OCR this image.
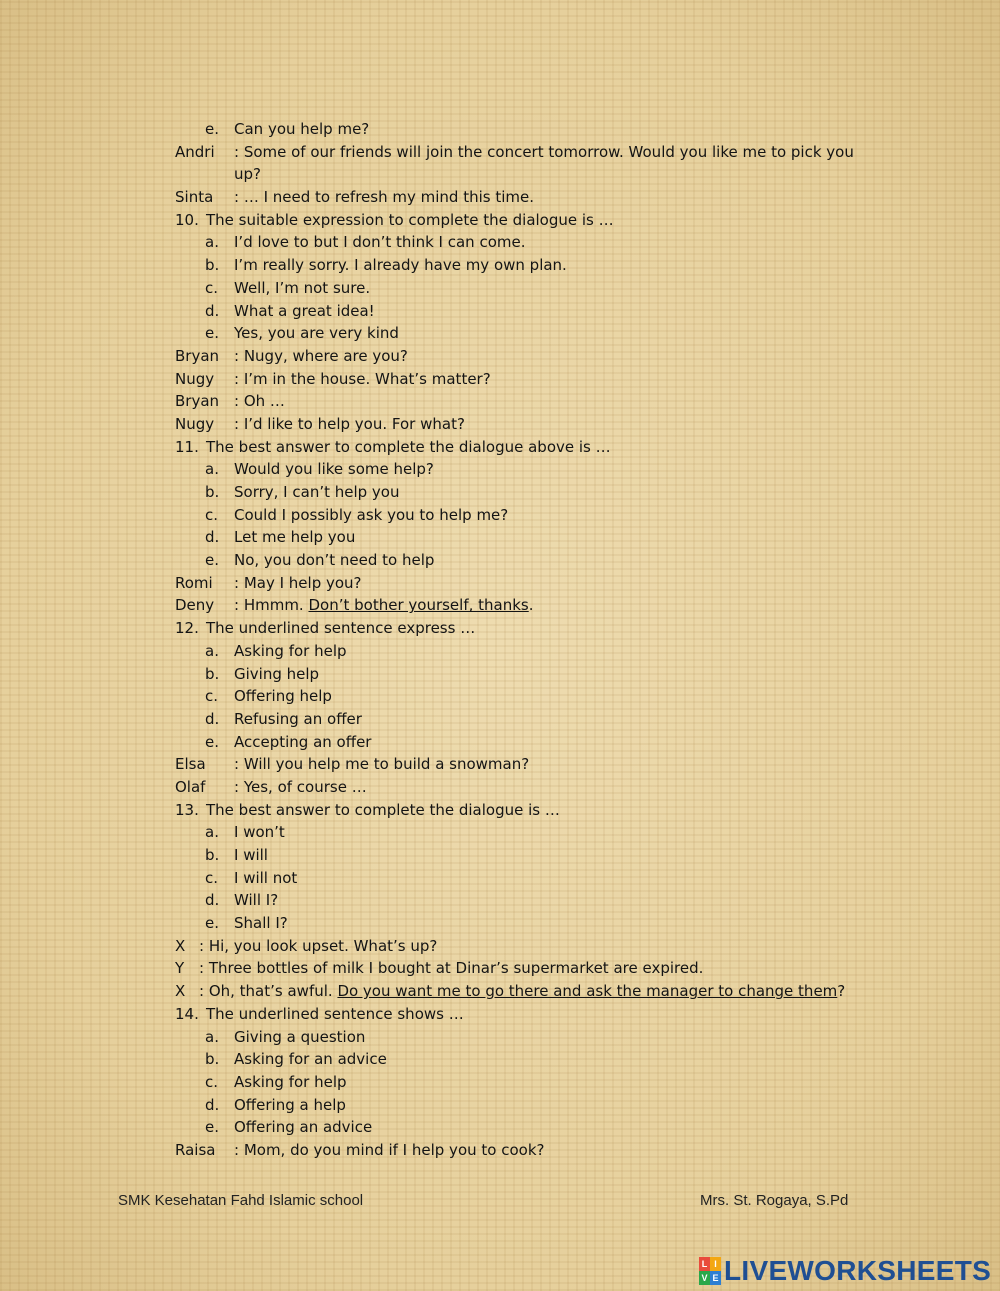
e. Can you help me?
Andri : Some of our friends will join the concert tomorrow. Would you like me to pick you up?
Sinta : … I need to refresh my mind this time.
10. The suitable expression to complete the dialogue is …
a. I’d love to but I don’t think I can come.
b. I’m really sorry. I already have my own plan.
c. Well, I’m not sure.
d. What a great idea!
e. Yes, you are very kind
Bryan : Nugy, where are you?
Nugy : I’m in the house. What’s matter?
Bryan : Oh …
Nugy : I’d like to help you. For what?
11. The best answer to complete the dialogue above is …
a. Would you like some help?
b. Sorry, I can’t help you
c. Could I possibly ask you to help me?
d. Let me help you
e. No, you don’t need to help
Romi : May I help you?
Deny : Hmmm. Don’t bother yourself, thanks.
12. The underlined sentence express …
a. Asking for help
b. Giving help
c. Offering help
d. Refusing an offer
e. Accepting an offer
Elsa : Will you help me to build a snowman?
Olaf : Yes, of course …
13. The best answer to complete the dialogue is …
a. I won’t
b. I will
c. I will not
d. Will I?
e. Shall I?
X : Hi, you look upset. What’s up?
Y : Three bottles of milk I bought at Dinar’s supermarket are expired.
X : Oh, that’s awful. Do you want me to go there and ask the manager to change them?
14. The underlined sentence shows …
a. Giving a question
b. Asking for an advice
c. Asking for help
d. Offering a help
e. Offering an advice
Raisa : Mom, do you mind if I help you to cook?
SMK Kesehatan Fahd Islamic school	Mrs. St. Rogaya, S.Pd
L I
V E LIVEWORKSHEETS
